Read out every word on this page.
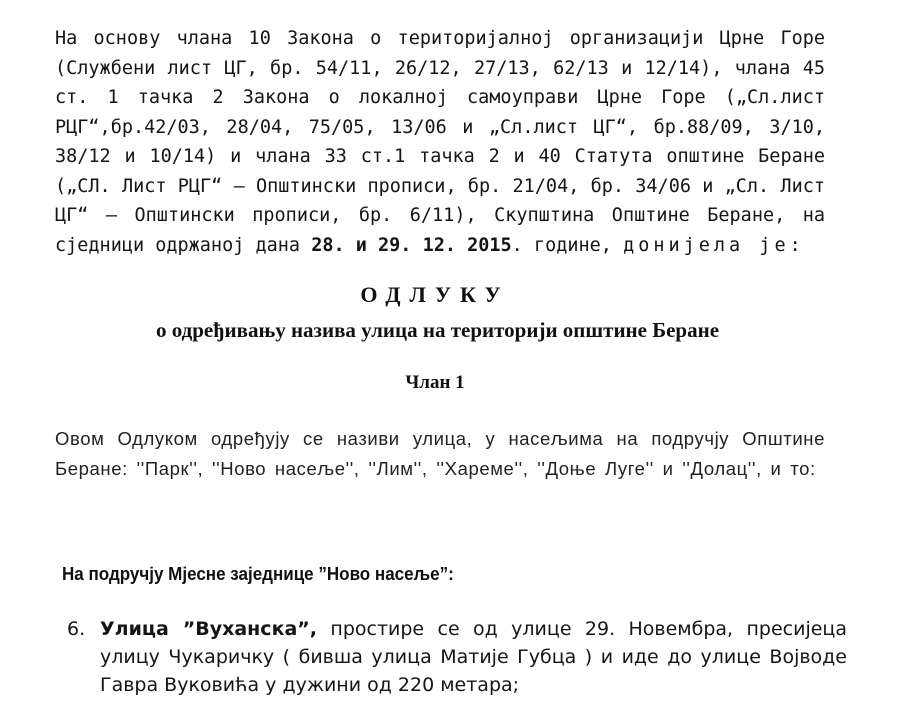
На основу члана 10 Закона о територијалној организацији Црне Горе (Службени лист ЦГ, бр. 54/11, 26/12, 27/13, 62/13 и 12/14), члана 45 ст. 1 тачка 2 Закона о локалној самоуправи Црне Горе („Сл.лист РЦГ“,бр.42/03, 28/04, 75/05, 13/06 и „Сл.лист ЦГ“, бр.88/09, 3/10, 38/12 и 10/14) и члана 33 ст.1 тачка 2 и 40 Статута општине Беране („СЛ. Лист РЦГ“ – Општински прописи, бр. 21/04, бр. 34/06 и „Сл. Лист ЦГ“ – Општински прописи, бр. 6/11), Скупштина Општине Беране, на сједници одржаној дана 28. и 29. 12. 2015. године, донијела је:

ОДЛУКУ
о одређивању назива улица на територији општине Беране
Члан 1

Овом Одлуком одређују се називи улица, у насељима на подручју Општине Беране: ''Парк'', ''Ново насеље'', ''Лим'', ''Хареме'', ''Доње Луге'' и ''Долац'', и то:

На подручју Мјесне заједнице ”Ново насеље”:

6. Улица ”Вуханска”, простире се од улице 29. Новембра, пресијеца улицу Чукаричку ( бивша улица Матије Губца ) и иде до улице Војводе Гавра Вуковића у дужини од 220 метара;
